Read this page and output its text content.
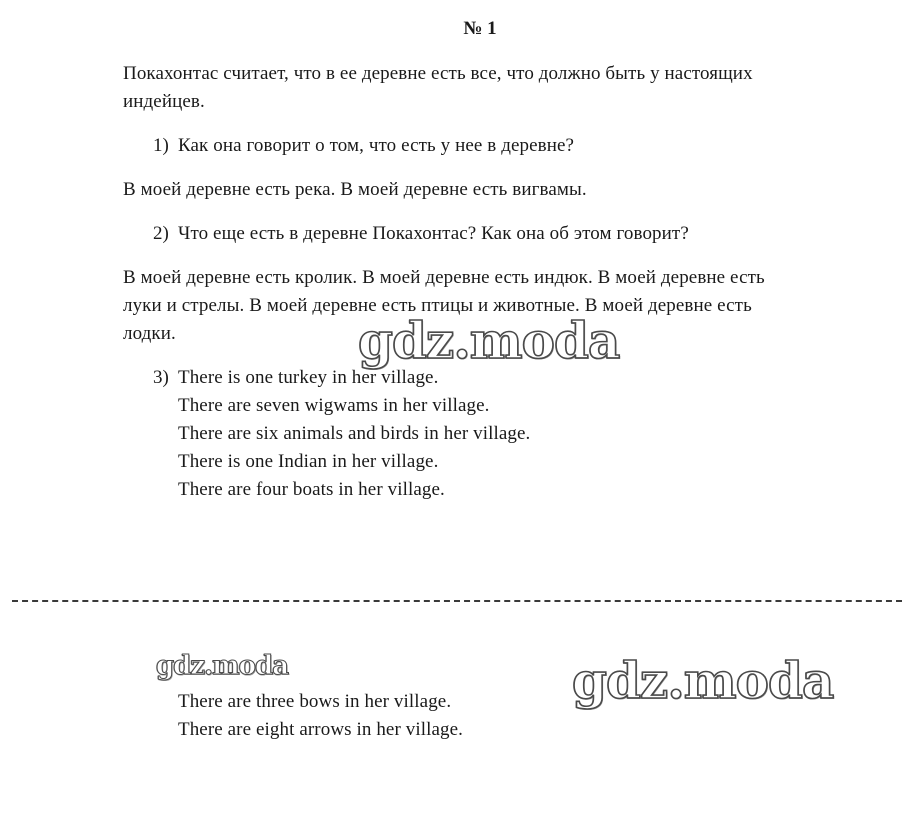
№ 1
Покахонтас считает, что в ее деревне есть все, что должно быть у настоящих
индейцев.
1) Как она говорит о том, что есть у нее в деревне?
В моей деревне есть река. В моей деревне есть вигвамы.
2) Что еще есть в деревне Покахонтас? Как она об этом говорит?
В моей деревне есть кролик. В моей деревне есть индюк. В моей деревне есть
луки и стрелы. В моей деревне есть птицы и животные. В моей деревне есть
лодки.
3) There is one turkey in her village.
There are seven wigwams in her village.
There are six animals and birds in her village.
There is one Indian in her village.
There are four boats in her village.
There are three bows in her village.
There are eight arrows in her village.
gdz.moda
gdz.moda	gdz.moda
